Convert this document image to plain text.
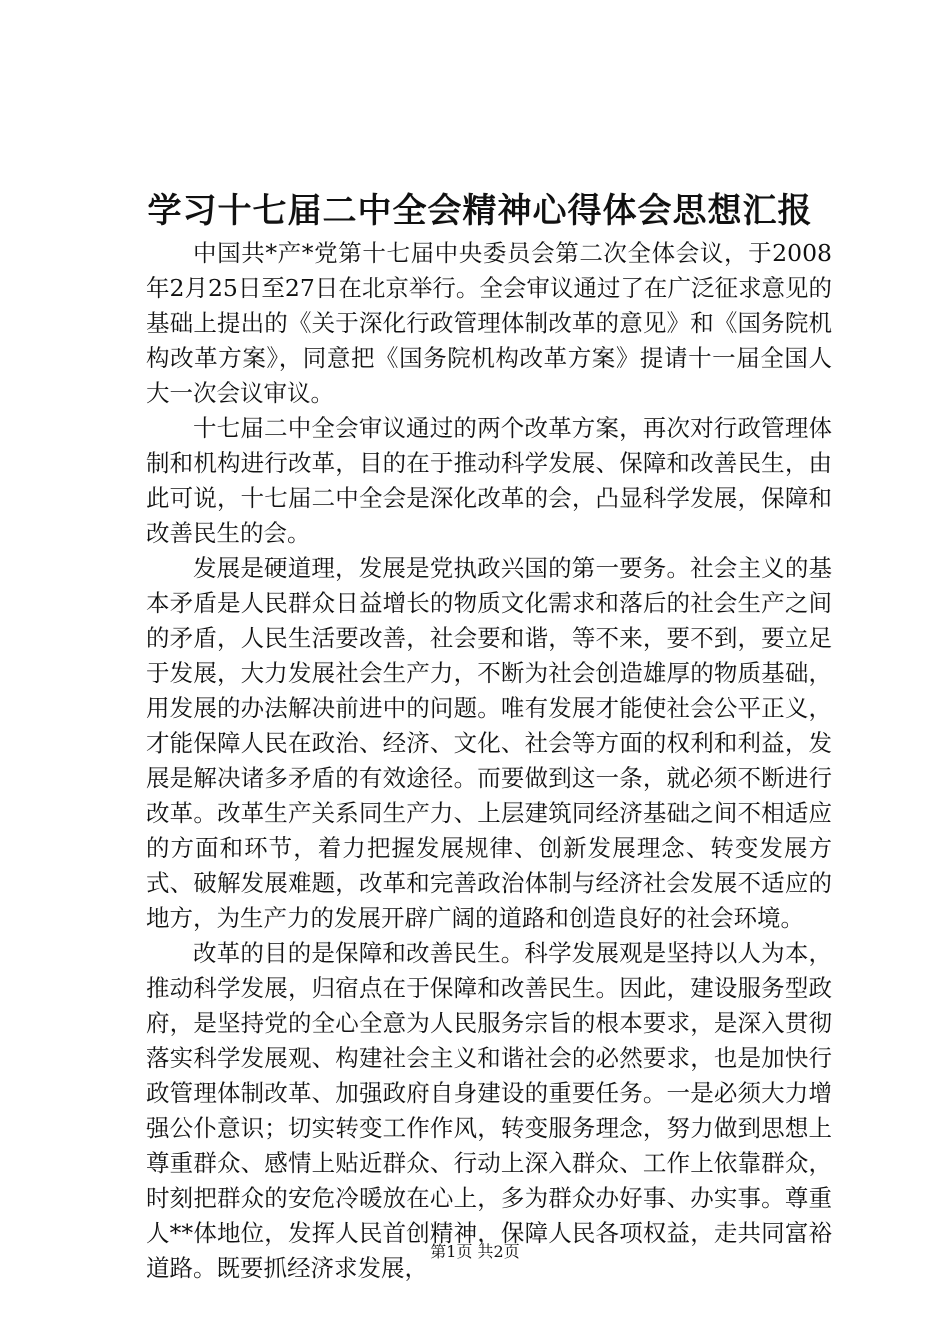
学习十七届二中全会精神心得体会思想汇报

中国共*产*党第十七届中央委员会第二次全体会议，于2008年2月25日至27日在北京举行。全会审议通过了在广泛征求意见的基础上提出的《关于深化行政管理体制改革的意见》和《国务院机构改革方案》，同意把《国务院机构改革方案》提请十一届全国人大一次会议审议。

十七届二中全会审议通过的两个改革方案，再次对行政管理体制和机构进行改革，目的在于推动科学发展、保障和改善民生，由此可说，十七届二中全会是深化改革的会，凸显科学发展，保障和改善民生的会。

发展是硬道理，发展是党执政兴国的第一要务。社会主义的基本矛盾是人民群众日益增长的物质文化需求和落后的社会生产之间的矛盾，人民生活要改善，社会要和谐，等不来，要不到，要立足于发展，大力发展社会生产力，不断为社会创造雄厚的物质基础，用发展的办法解决前进中的问题。唯有发展才能使社会公平正义，才能保障人民在政治、经济、文化、社会等方面的权利和利益，发展是解决诸多矛盾的有效途径。而要做到这一条，就必须不断进行改革。改革生产关系同生产力、上层建筑同经济基础之间不相适应的方面和环节，着力把握发展规律、创新发展理念、转变发展方式、破解发展难题，改革和完善政治体制与经济社会发展不适应的地方，为生产力的发展开辟广阔的道路和创造良好的社会环境。

改革的目的是保障和改善民生。科学发展观是坚持以人为本，推动科学发展，归宿点在于保障和改善民生。因此，建设服务型政府，是坚持党的全心全意为人民服务宗旨的根本要求，是深入贯彻落实科学发展观、构建社会主义和谐社会的必然要求，也是加快行政管理体制改革、加强政府自身建设的重要任务。一是必须大力增强公仆意识；切实转变工作作风，转变服务理念，努力做到思想上尊重群众、感情上贴近群众、行动上深入群众、工作上依靠群众，时刻把群众的安危冷暖放在心上，多为群众办好事、办实事。尊重人**体地位，发挥人民首创精神，保障人民各项权益，走共同富裕道路。既要抓经济求发展，

第1页 共2页
